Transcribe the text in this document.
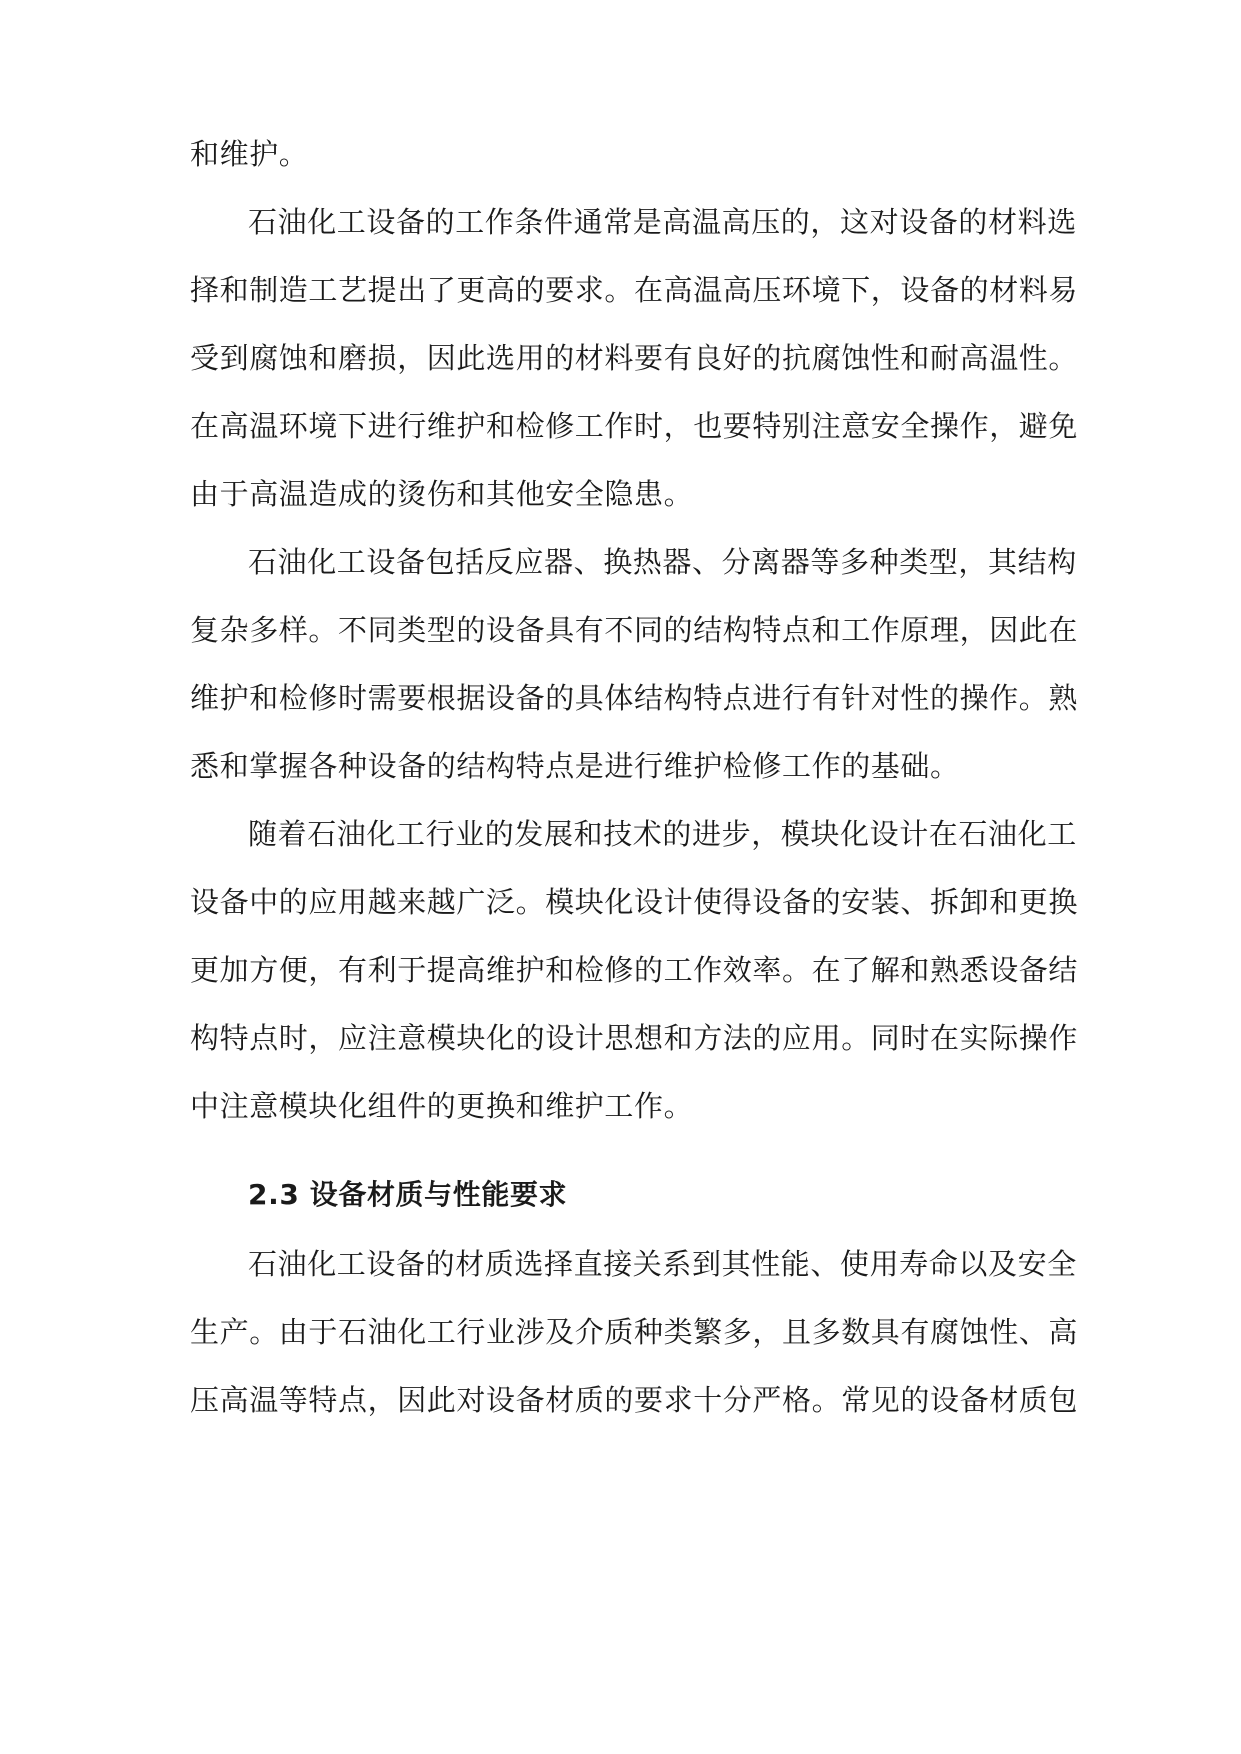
和维护。
石油化工设备的工作条件通常是高温高压的，这对设备的材料选
择和制造工艺提出了更高的要求。在高温高压环境下，设备的材料易
受到腐蚀和磨损，因此选用的材料要有良好的抗腐蚀性和耐高温性。
在高温环境下进行维护和检修工作时，也要特别注意安全操作，避免
由于高温造成的烫伤和其他安全隐患。
石油化工设备包括反应器、换热器、分离器等多种类型，其结构
复杂多样。不同类型的设备具有不同的结构特点和工作原理，因此在
维护和检修时需要根据设备的具体结构特点进行有针对性的操作。熟
悉和掌握各种设备的结构特点是进行维护检修工作的基础。
随着石油化工行业的发展和技术的进步，模块化设计在石油化工
设备中的应用越来越广泛。模块化设计使得设备的安装、拆卸和更换
更加方便，有利于提高维护和检修的工作效率。在了解和熟悉设备结
构特点时，应注意模块化的设计思想和方法的应用。同时在实际操作
中注意模块化组件的更换和维护工作。
2.3 设备材质与性能要求
石油化工设备的材质选择直接关系到其性能、使用寿命以及安全
生产。由于石油化工行业涉及介质种类繁多，且多数具有腐蚀性、高
压高温等特点，因此对设备材质的要求十分严格。常见的设备材质包
